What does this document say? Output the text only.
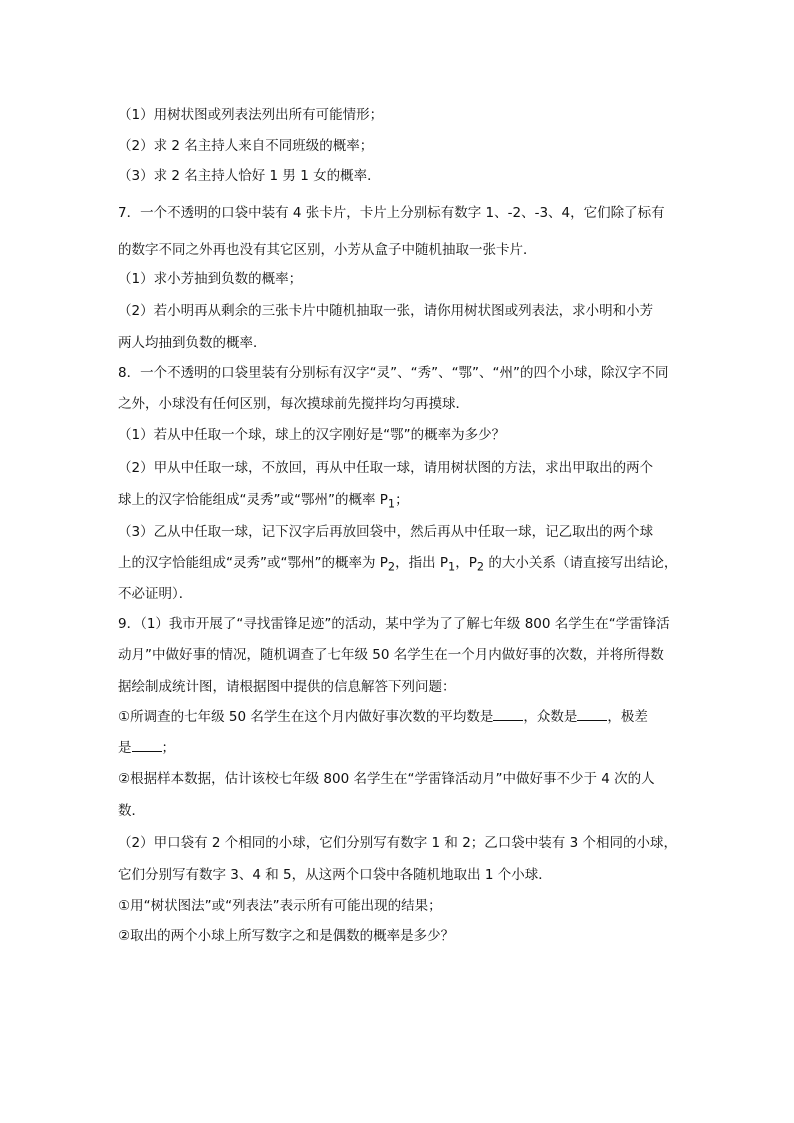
（1）用树状图或列表法列出所有可能情形；

（2）求 2 名主持人来自不同班级的概率；

（3）求 2 名主持人恰好 1 男 1 女的概率．

7．一个不透明的口袋中装有 4 张卡片，卡片上分别标有数字 1、-2、-3、4，它们除了标有

的数字不同之外再也没有其它区别，小芳从盒子中随机抽取一张卡片．

（1）求小芳抽到负数的概率；

（2）若小明再从剩余的三张卡片中随机抽取一张，请你用树状图或列表法，求小明和小芳

两人均抽到负数的概率．

8．一个不透明的口袋里装有分别标有汉字“灵”、“秀”、“鄂”、“州”的四个小球，除汉字不同

之外，小球没有任何区别，每次摸球前先搅拌均匀再摸球．

（1）若从中任取一个球，球上的汉字刚好是“鄂”的概率为多少？

（2）甲从中任取一球，不放回，再从中任取一球，请用树状图的方法，求出甲取出的两个

球上的汉字恰能组成“灵秀”或“鄂州”的概率 $P_1$；

（3）乙从中任取一球，记下汉字后再放回袋中，然后再从中任取一球，记乙取出的两个球

上的汉字恰能组成“灵秀”或“鄂州”的概率为 $P_2$，指出 $P_1$，$P_2$ 的大小关系（请直接写出结论，

不必证明）．

9．（1）我市开展了“寻找雷锋足迹”的活动，某中学为了了解七年级 800 名学生在“学雷锋活

动月”中做好事的情况，随机调查了七年级 50 名学生在一个月内做好事的次数，并将所得数

据绘制成统计图，请根据图中提供的信息解答下列问题：

①所调查的七年级 50 名学生在这个月内做好事次数的平均数是 ，众数是 ，极差

是 ；

②根据样本数据，估计该校七年级 800 名学生在“学雷锋活动月”中做好事不少于 4 次的人

数．

（2）甲口袋有 2 个相同的小球，它们分别写有数字 1 和 2；乙口袋中装有 3 个相同的小球，

它们分别写有数字 3、4 和 5，从这两个口袋中各随机地取出 1 个小球．

①用“树状图法”或“列表法”表示所有可能出现的结果；

②取出的两个小球上所写数字之和是偶数的概率是多少？
